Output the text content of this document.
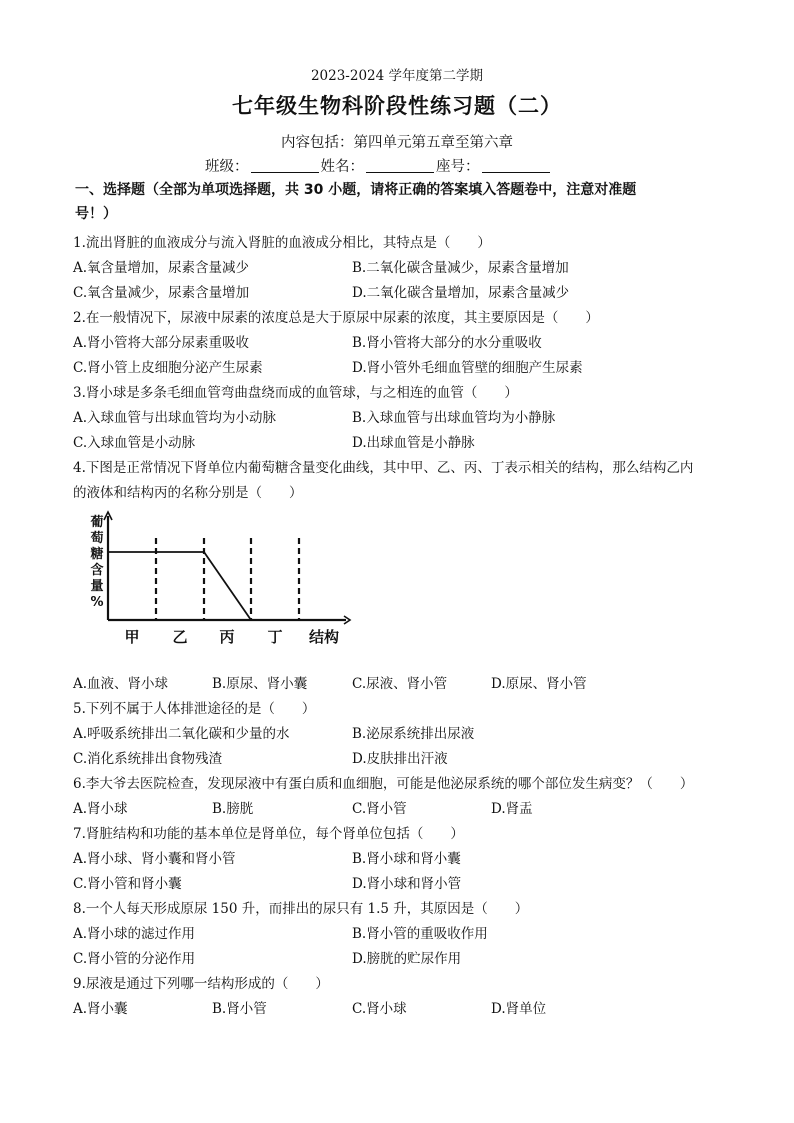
2023-2024 学年度第二学期
七年级生物科阶段性练习题（二）
内容包括：第四单元第五章至第六章
班级：	姓名：	座号：
一、选择题（全部为单项选择题，共 30 小题，请将正确的答案填入答题卷中，注意对准题
号！）
1.流出肾脏的血液成分与流入肾脏的血液成分相比，其特点是（　　）
A.氧含量增加，尿素含量减少	B.二氧化碳含量减少，尿素含量增加
C.氧含量减少，尿素含量增加	D.二氧化碳含量增加，尿素含量减少
2.在一般情况下，尿液中尿素的浓度总是大于原尿中尿素的浓度，其主要原因是（　　）
A.肾小管将大部分尿素重吸收	B.肾小管将大部分的水分重吸收
C.肾小管上皮细胞分泌产生尿素	D.肾小管外毛细血管壁的细胞产生尿素
3.肾小球是多条毛细血管弯曲盘绕而成的血管球，与之相连的血管（　　）
A.入球血管与出球血管均为小动脉	B.入球血管与出球血管均为小静脉
C.入球血管是小动脉	D.出球血管是小静脉
4.下图是正常情况下肾单位内葡萄糖含量变化曲线，其中甲、乙、丙、丁表示相关的结构，那么结构乙内
的液体和结构丙的名称分别是（　　）
葡
萄
糖
含
量
%
甲 乙 丙 丁 结构
A.血液、肾小球	B.原尿、肾小囊	C.尿液、肾小管	D.原尿、肾小管
5.下列不属于人体排泄途径的是（　　）
A.呼吸系统排出二氧化碳和少量的水	B.泌尿系统排出尿液
C.消化系统排出食物残渣	D.皮肤排出汗液
6.李大爷去医院检查，发现尿液中有蛋白质和血细胞，可能是他泌尿系统的哪个部位发生病变？（　　）
A.肾小球	B.膀胱	C.肾小管	D.肾盂
7.肾脏结构和功能的基本单位是肾单位，每个肾单位包括（　　）
A.肾小球、肾小囊和肾小管	B.肾小球和肾小囊
C.肾小管和肾小囊	D.肾小球和肾小管
8.一个人每天形成原尿 150 升，而排出的尿只有 1.5 升，其原因是（　　）
A.肾小球的滤过作用	B.肾小管的重吸收作用
C.肾小管的分泌作用	D.膀胱的贮尿作用
9.尿液是通过下列哪一结构形成的（　　）
A.肾小囊	B.肾小管	C.肾小球	D.肾单位
